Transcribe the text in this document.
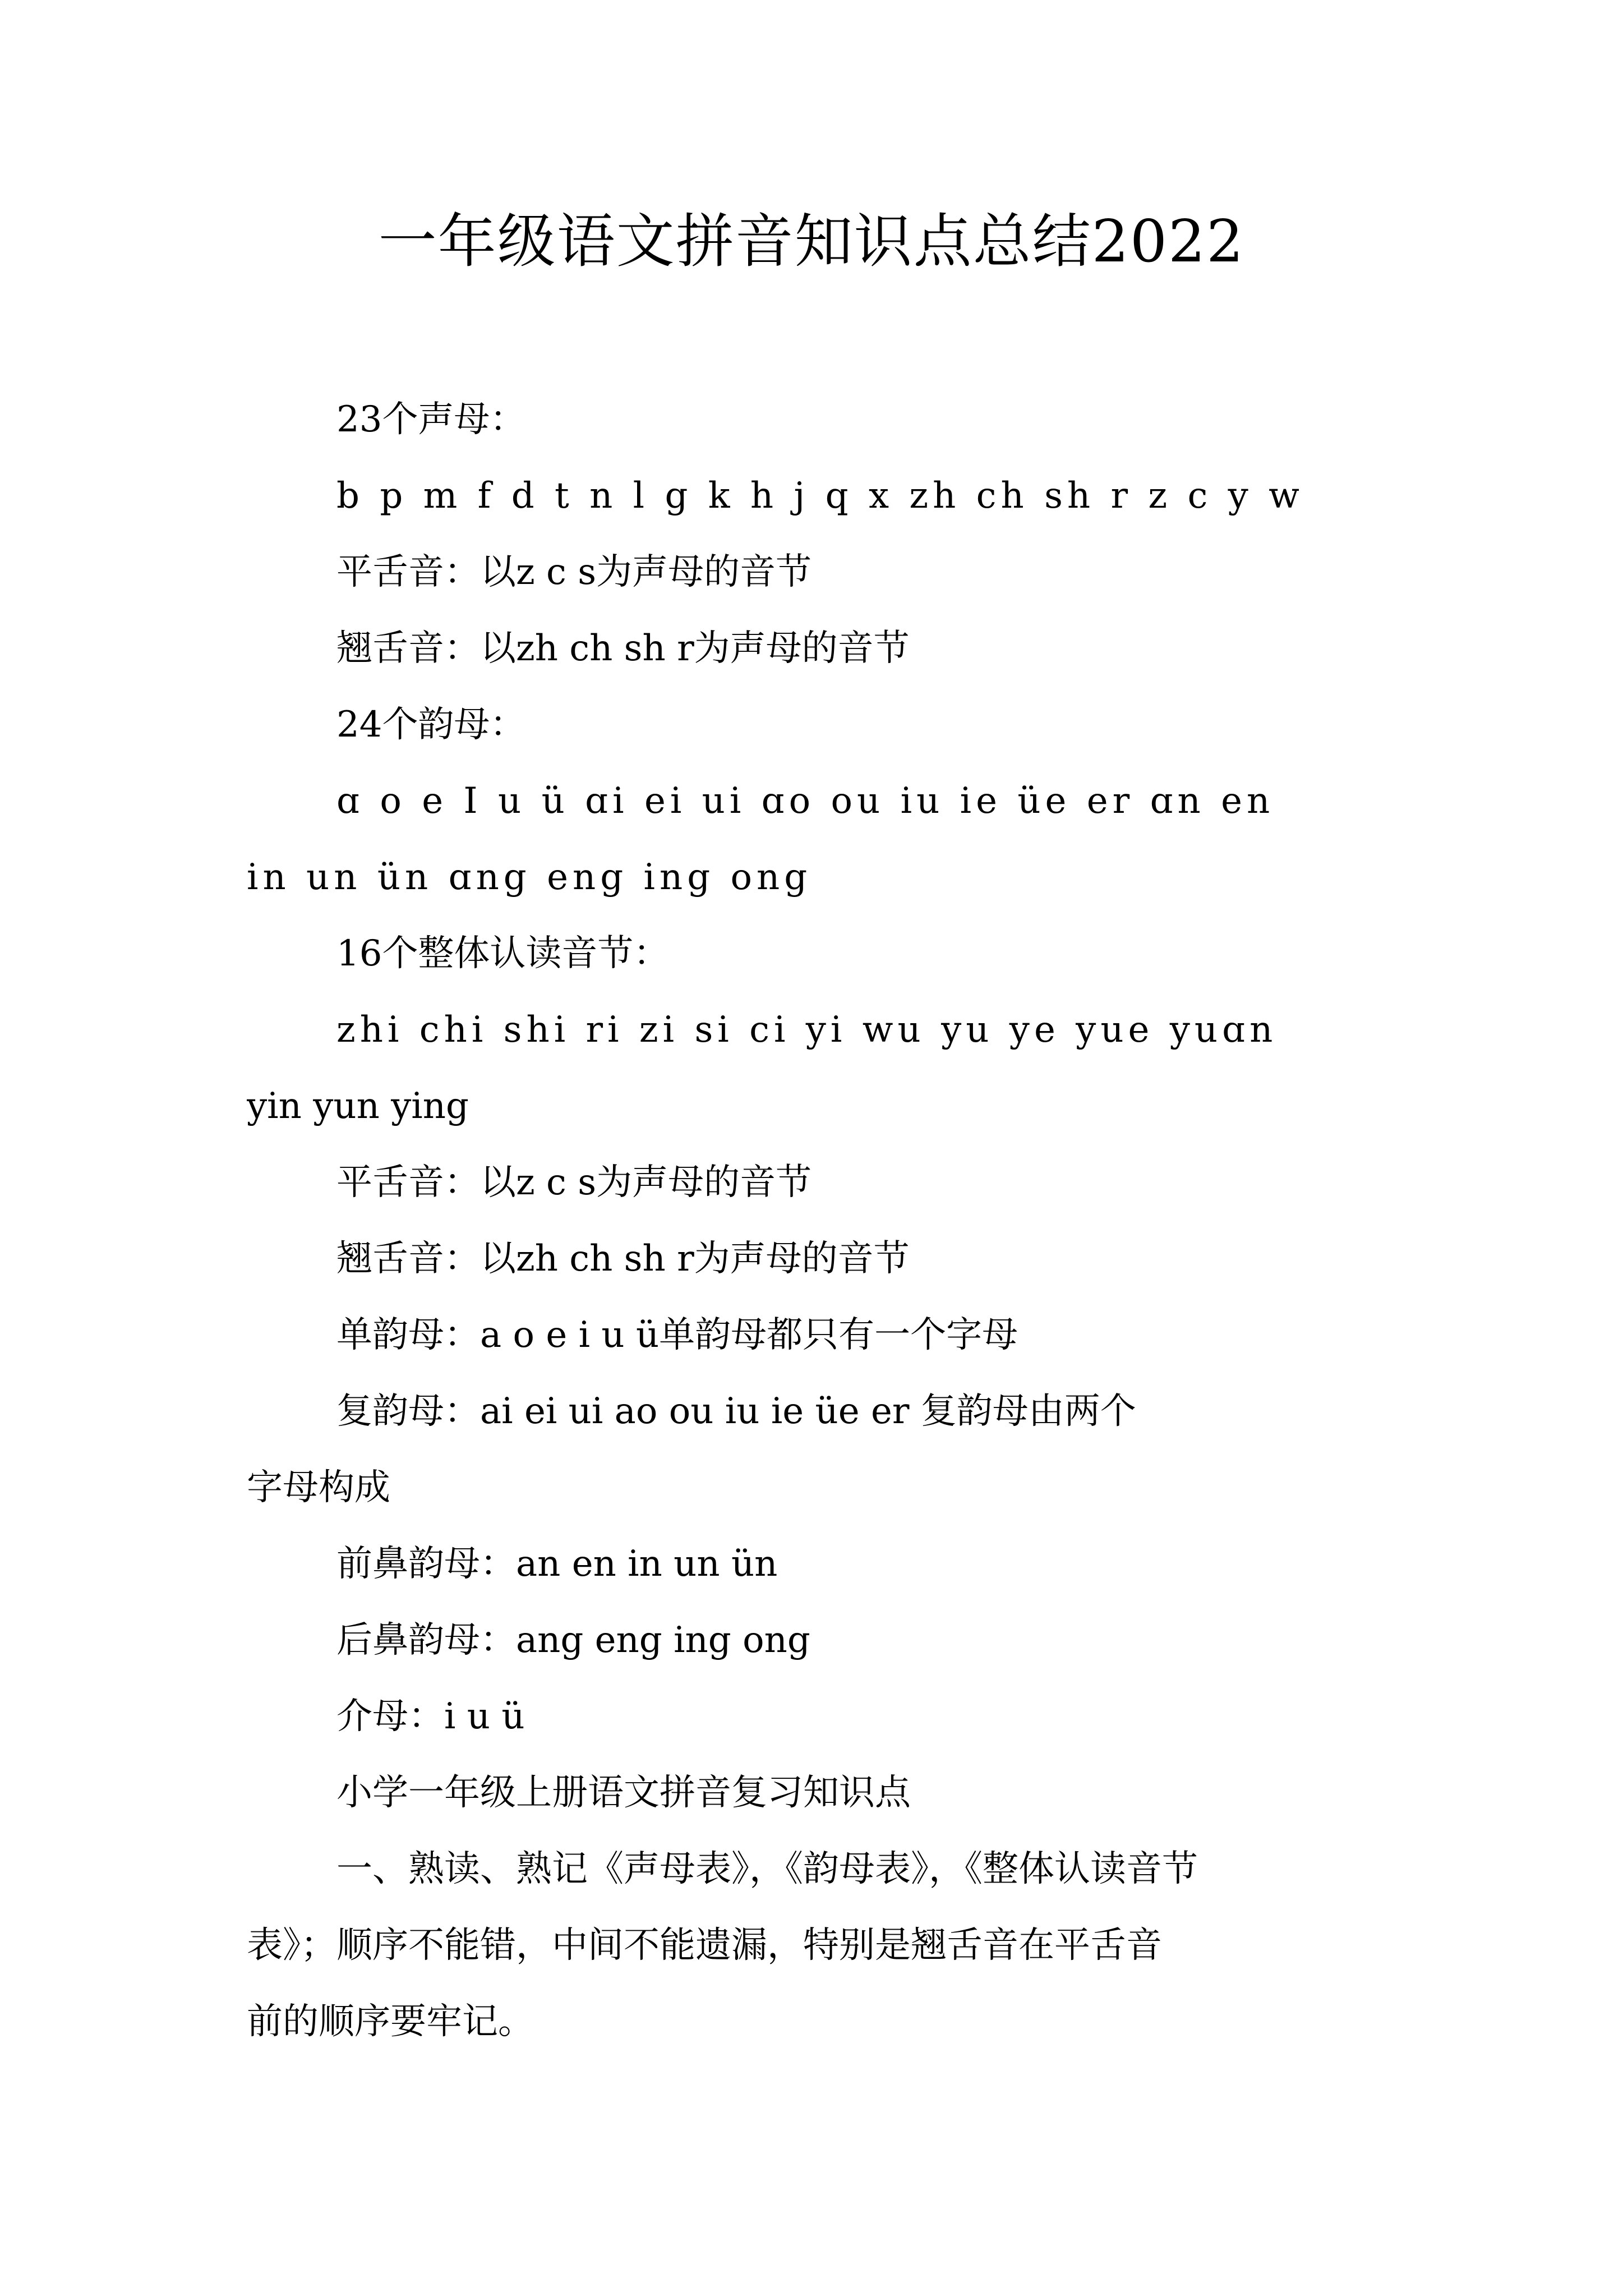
一年级语文拼音知识点总结2022
23个声母：
b p m f d t n l g k h j q x zh ch sh r z c y w
平舌音：以z c s为声母的音节
翘舌音：以zh ch sh r为声母的音节
24个韵母：
ɑ o e I u ü ɑi ei ui ɑo ou iu ie üe er ɑn en
in un ün ɑng eng ing ong
16个整体认读音节：
zhi chi shi ri zi si ci yi wu yu ye yue yuɑn
yin yun ying
平舌音：以z c s为声母的音节
翘舌音：以zh ch sh r为声母的音节
单韵母：a o e i u ü单韵母都只有一个字母
复韵母：ai ei ui ao ou iu ie üe er 复韵母由两个
字母构成
前鼻韵母：an en in un ün
后鼻韵母：ang eng ing ong
介母：i u ü
小学一年级上册语文拼音复习知识点
一、熟读、熟记《声母表》，《韵母表》，《整体认读音节
表》；顺序不能错，中间不能遗漏，特别是翘舌音在平舌音
前的顺序要牢记。
